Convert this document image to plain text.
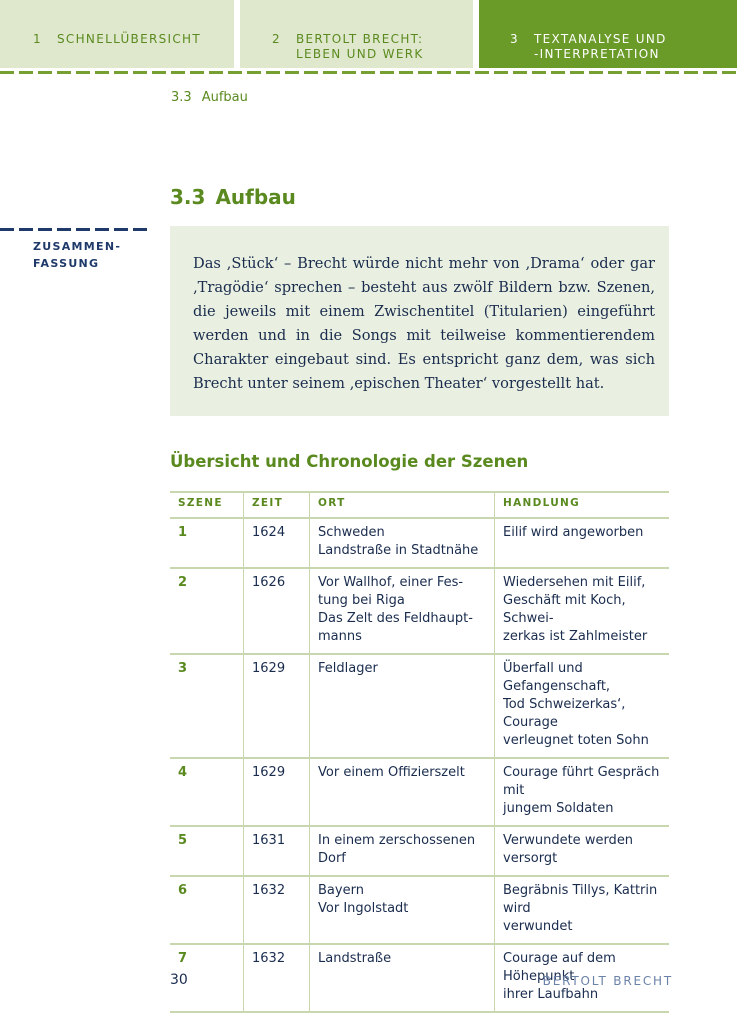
1 SCHNELLÜBERSICHT	2 BERTOLT BRECHT:
LEBEN UND WERK
3 TEXTANALYSE UND
-INTERPRETATION
3.3 Aufbau
3.3 Aufbau
ZUSAMMEN-
FASSUNG	Das ‚Stück‘ – Brecht würde nicht mehr von ‚Drama‘ oder gar ‚Tragödie‘ sprechen – besteht aus zwölf Bildern bzw. Szenen, die jeweils mit einem Zwischentitel (Titularien) eingeführt werden und in die Songs mit teilweise kommentierendem Charakter eingebaut sind. Es entspricht ganz dem, was sich Brecht unter seinem ‚epischen Theater‘ vorgestellt hat.

Übersicht und Chronologie der Szenen
SZENE	ZEIT	ORT	HANDLUNG
1	1624	Schweden
Landstraße in Stadtnähe	Eilif wird angeworben

2	1626	Vor Wallhof, einer Fes-
tung bei Riga
Das Zelt des Feldhaupt-
manns	Wiedersehen mit Eilif,
Geschäft mit Koch, Schwei-
zerkas ist Zahlmeister

3	1629	Feldlager	Überfall und Gefangenschaft,
Tod Schweizerkas‘, Courage
verleugnet toten Sohn

4	1629	Vor einem Offizierszelt	Courage führt Gespräch mit
jungem Soldaten

5	1631	In einem zerschossenen
Dorf	Verwundete werden versorgt

6	1632	Bayern
Vor Ingolstadt	Begräbnis Tillys, Kattrin wird
verwundet

7	1632	Landstraße	Courage auf dem Höhepunkt
ihrer Laufbahn
30	BERTOLT BRECHT
